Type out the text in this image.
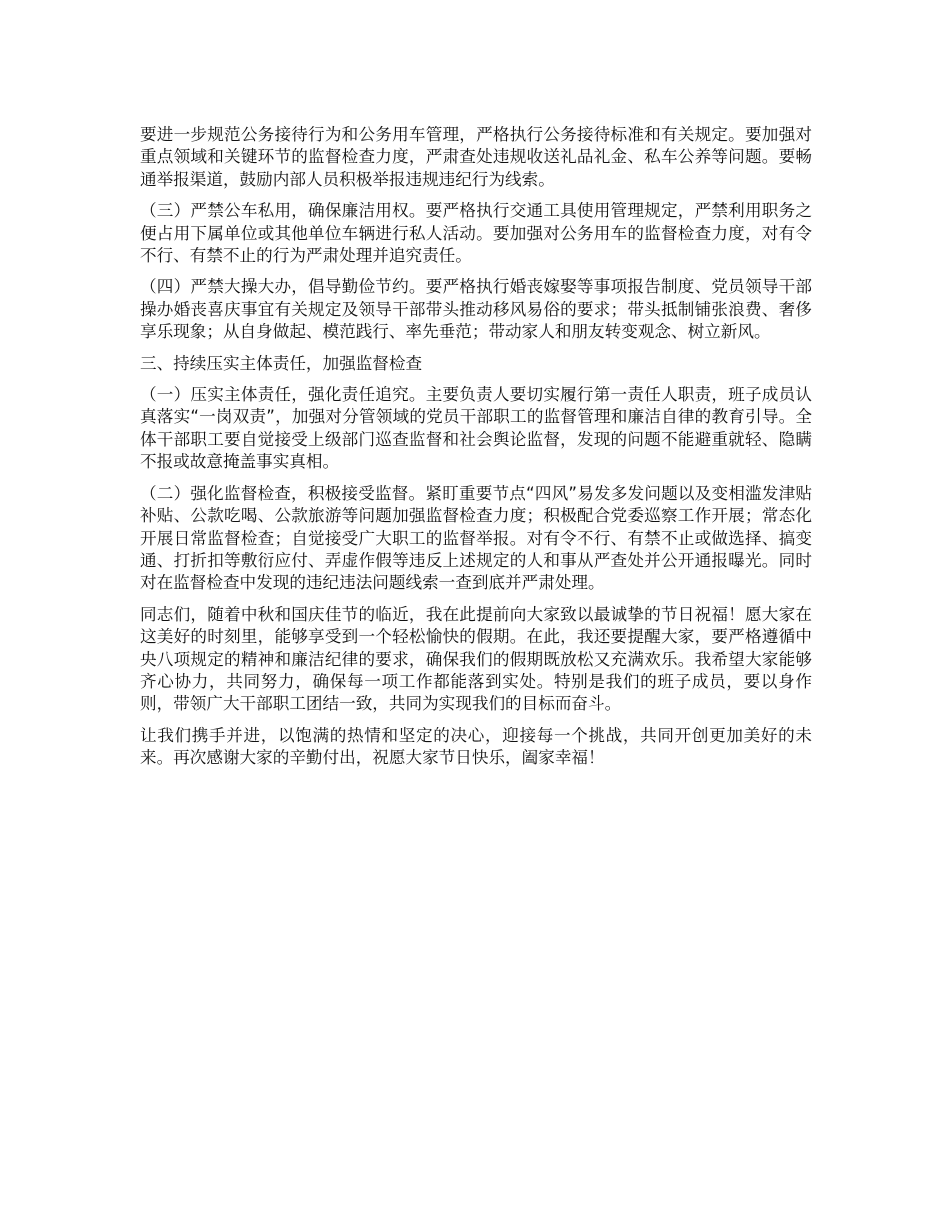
要进一步规范公务接待行为和公务用车管理，严格执行公务接待标准和有关规定。要加强对重点领域和关键环节的监督检查力度，严肃查处违规收送礼品礼金、私车公养等问题。要畅通举报渠道，鼓励内部人员积极举报违规违纪行为线索。

（三）严禁公车私用，确保廉洁用权。要严格执行交通工具使用管理规定，严禁利用职务之便占用下属单位或其他单位车辆进行私人活动。要加强对公务用车的监督检查力度，对有令不行、有禁不止的行为严肃处理并追究责任。

（四）严禁大操大办，倡导勤俭节约。要严格执行婚丧嫁娶等事项报告制度、党员领导干部操办婚丧喜庆事宜有关规定及领导干部带头推动移风易俗的要求；带头抵制铺张浪费、奢侈享乐现象；从自身做起、模范践行、率先垂范；带动家人和朋友转变观念、树立新风。

三、持续压实主体责任，加强监督检查

（一）压实主体责任，强化责任追究。主要负责人要切实履行第一责任人职责，班子成员认真落实“一岗双责”，加强对分管领域的党员干部职工的监督管理和廉洁自律的教育引导。全体干部职工要自觉接受上级部门巡查监督和社会舆论监督，发现的问题不能避重就轻、隐瞒不报或故意掩盖事实真相。

（二）强化监督检查，积极接受监督。紧盯重要节点“四风”易发多发问题以及变相滥发津贴补贴、公款吃喝、公款旅游等问题加强监督检查力度；积极配合党委巡察工作开展；常态化开展日常监督检查；自觉接受广大职工的监督举报。对有令不行、有禁不止或做选择、搞变通、打折扣等敷衍应付、弄虚作假等违反上述规定的人和事从严查处并公开通报曝光。同时对在监督检查中发现的违纪违法问题线索一查到底并严肃处理。

同志们，随着中秋和国庆佳节的临近，我在此提前向大家致以最诚挚的节日祝福！愿大家在这美好的时刻里，能够享受到一个轻松愉快的假期。在此，我还要提醒大家，要严格遵循中央八项规定的精神和廉洁纪律的要求，确保我们的假期既放松又充满欢乐。我希望大家能够齐心协力，共同努力，确保每一项工作都能落到实处。特别是我们的班子成员，要以身作则，带领广大干部职工团结一致，共同为实现我们的目标而奋斗。

让我们携手并进，以饱满的热情和坚定的决心，迎接每一个挑战，共同开创更加美好的未来。再次感谢大家的辛勤付出，祝愿大家节日快乐，阖家幸福！
